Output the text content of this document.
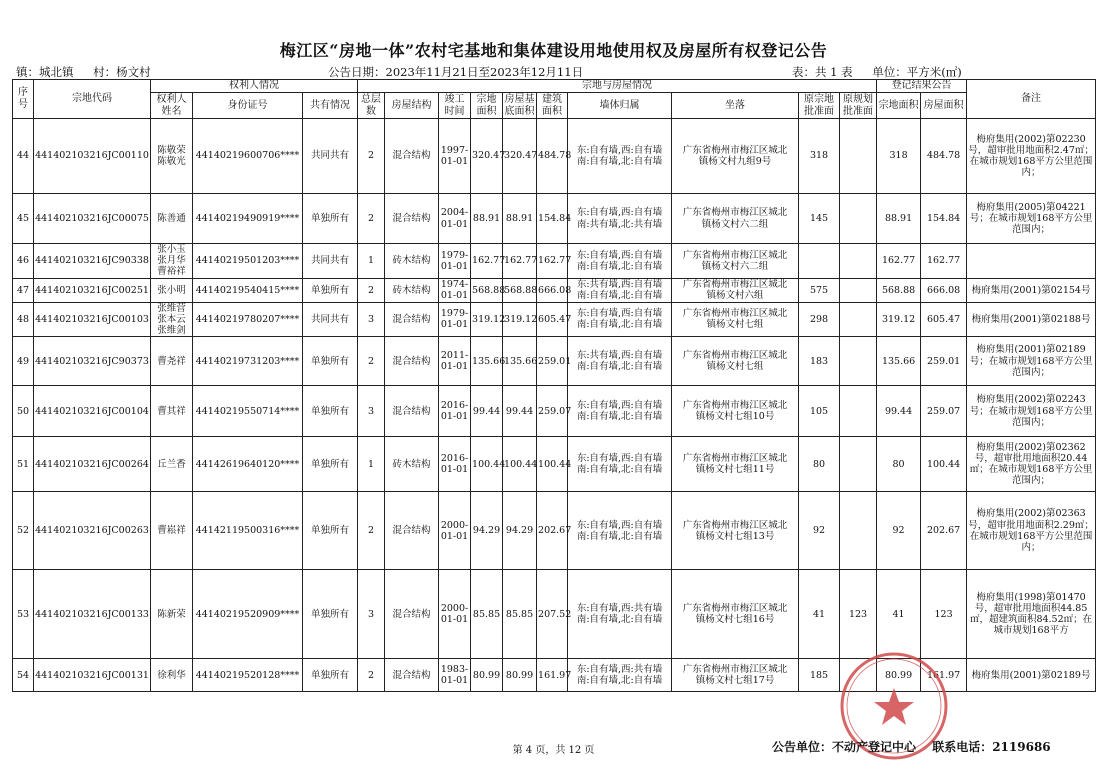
梅江区“房地一体”农村宅基地和集体建设用地使用权及房屋所有权登记公告
镇：城北镇 村：杨文村	公告日期：2023年11月21日至2023年12月11日	表：共 1 表 单位：平方米(㎡)
序号	宗地代码	权利人情况			宗地与房屋情况										登记结果公告		备注
		权利人姓名	身份证号	共有情况	总层数	房屋结构	竣工时间	宗地面积	房屋基底面积	建筑面积	墙体归属	坐落	原宗地批准面	原规划批准面	宗地面积	房屋面积	
44	441402103216JC00110	陈敬荣
陈敬光	44140219600706****	共同共有	2	混合结构	1997-
01-01	320.47	320.47	484.78	东:自有墙,西:自有墙
南:自有墙,北:自有墙	广东省梅州市梅江区城北
镇杨文村九组9号	318		318	484.78	梅府集用(2002)第02230号，超审批用地面积2.47㎡；在城市规划168平方公里范围内；
45	441402103216JC00075	陈善通	44140219490919****	单独所有	2	混合结构	2004-
01-01	88.91	88.91	154.84	东:自有墙,西:自有墙
南:共有墙,北:共有墙	广东省梅州市梅江区城北
镇杨文村六二组	145		88.91	154.84	梅府集用(2005)第04221号；在城市规划168平方公里范围内；
46	441402103216JC90338	张小玉
张月华
曹裕祥	44140219501203****	共同共有	1	砖木结构	1979-
01-01	162.77	162.77	162.77	东:自有墙,西:自有墙
南:自有墙,北:自有墙	广东省梅州市梅江区城北
镇杨文村六二组			162.77	162.77	
47	441402103216JC00251	张小明	44140219540415****	单独所有	2	砖木结构	1974-
01-01	568.88	568.88	666.08	东:共有墙,西:自有墙
南:自有墙,北:自有墙	广东省梅州市梅江区城北
镇杨文村六组	575		568.88	666.08	梅府集用(2001)第02154号
48	441402103216JC00103	张维营
张本云
张维剑	44140219780207****	共同共有	3	混合结构	1979-
01-01	319.12	319.12	605.47	东:自有墙,西:自有墙
南:自有墙,北:自有墙	广东省梅州市梅江区城北
镇杨文村七组	298		319.12	605.47	梅府集用(2001)第02188号
49	441402103216JC90373	曹尧祥	44140219731203****	单独所有	2	混合结构	2011-
01-01	135.66	135.66	259.01	东:共有墙,西:自有墙
南:自有墙,北:自有墙	广东省梅州市梅江区城北
镇杨文村七组	183		135.66	259.01	梅府集用(2001)第02189号；在城市规划168平方公里范围内；
50	441402103216JC00104	曹其祥	44140219550714****	单独所有	3	混合结构	2016-
01-01	99.44	99.44	259.07	东:自有墙,西:自有墙
南:自有墙,北:自有墙	广东省梅州市梅江区城北
镇杨文村七组10号	105		99.44	259.07	梅府集用(2002)第02243号；在城市规划168平方公里范围内；
51	441402103216JC00264	丘兰香	44142619640120****	单独所有	1	砖木结构	2016-
01-01	100.44	100.44	100.44	东:自有墙,西:自有墙
南:自有墙,北:自有墙	广东省梅州市梅江区城北
镇杨文村七组11号	80		80	100.44	梅府集用(2002)第02362号，超审批用地面积20.44㎡；在城市规划168平方公里范围内；
52	441402103216JC00263	曹崧祥	44142119500316****	单独所有	2	混合结构	2000-
01-01	94.29	94.29	202.67	东:自有墙,西:自有墙
南:自有墙,北:自有墙	广东省梅州市梅江区城北
镇杨文村七组13号	92		92	202.67	梅府集用(2002)第02363号，超审批用地面积2.29㎡；在城市规划168平方公里范围内；
53	441402103216JC00133	陈新荣	44140219520909****	单独所有	3	混合结构	2000-
01-01	85.85	85.85	207.52	东:自有墙,西:共有墙
南:自有墙,北:自有墙	广东省梅州市梅江区城北
镇杨文村七组16号	41	123	41	123	梅府集用(1998)第01470号，超审批用地面积44.85㎡，超建筑面积84.52㎡；在城市规划168平方
54	441402103216JC00131	徐利华	44140219520128****	单独所有	2	混合结构	1983-
01-01	80.99	80.99	161.97	东:自有墙,西:共有墙
南:自有墙,北:自有墙	广东省梅州市梅江区城北
镇杨文村七组17号	185		80.99	161.97	梅府集用(2001)第02189号
第 4 页，共 12 页	公告单位：不动产登记中心 联系电话：2119686
